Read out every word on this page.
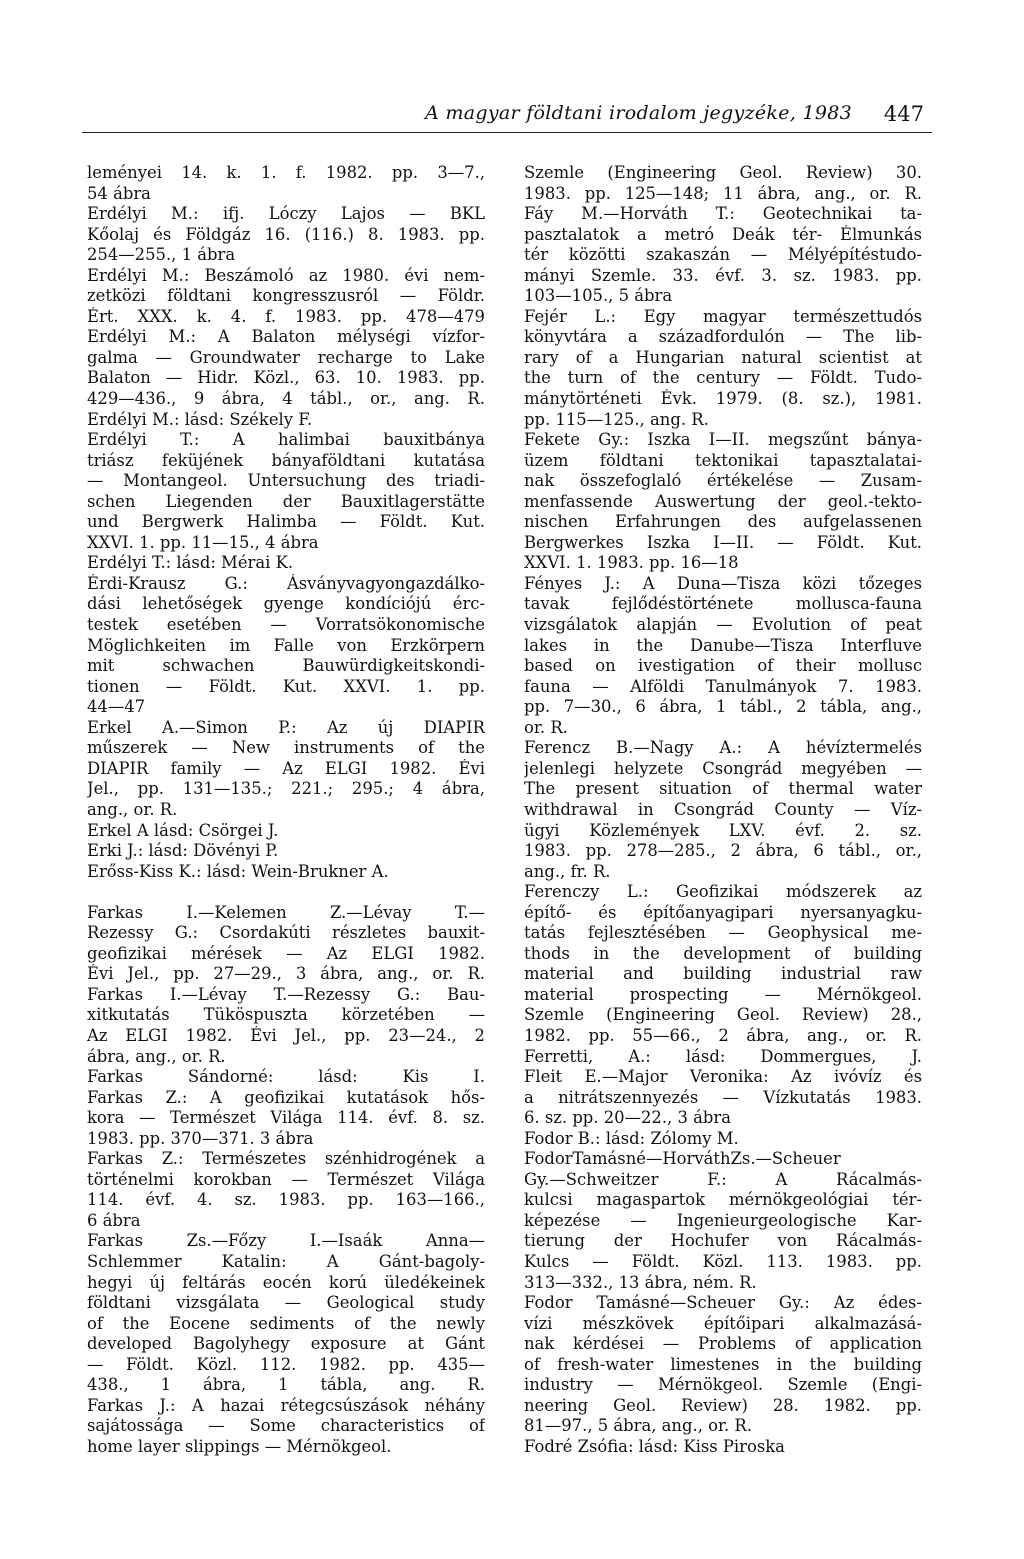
A magyar földtani irodalom jegyzéke, 1983 447
leményei 14. k. 1. f. 1982. pp. 3—7.,
54 ábra
Erdélyi M.: ifj. Lóczy Lajos — BKL
Kőolaj és Földgáz 16. (116.) 8. 1983. pp.
254—255., 1 ábra
Erdélyi M.: Beszámoló az 1980. évi nem-
zetközi földtani kongresszusról — Földr.
Ért. XXX. k. 4. f. 1983. pp. 478—479
Erdélyi M.: A Balaton mélységi vízfor-
galma — Groundwater recharge to Lake
Balaton — Hidr. Közl., 63. 10. 1983. pp.
429—436., 9 ábra, 4 tábl., or., ang. R.
Erdélyi M.: lásd: Székely F.
Erdélyi T.: A halimbai bauxitbánya
triász feküjének bányaföldtani kutatása
— Montangeol. Untersuchung des triadi-
schen Liegenden der Bauxitlagerstätte
und Bergwerk Halimba — Földt. Kut.
XXVI. 1. pp. 11—15., 4 ábra
Erdélyi T.: lásd: Mérai K.
Érdi-Krausz G.: Ásványvagyongazdálko-
dási lehetőségek gyenge kondíciójú érc-
testek esetében — Vorratsökonomische
Möglichkeiten im Falle von Erzkörpern
mit schwachen Bauwürdigkeitskondi-
tionen — Földt. Kut. XXVI. 1. pp.
44—47
Erkel A.—Simon P.: Az új DIAPIR
műszerek — New instruments of the
DIAPIR family — Az ELGI 1982. Évi
Jel., pp. 131—135.; 221.; 295.; 4 ábra,
ang., or. R.
Erkel A lásd: Csörgei J.
Erki J.: lásd: Dövényi P.
Erőss-Kiss K.: lásd: Wein-Brukner A.
Farkas I.—Kelemen Z.—Lévay T.—
Rezessy G.: Csordakúti részletes bauxit-
geofizikai mérések — Az ELGI 1982.
Évi Jel., pp. 27—29., 3 ábra, ang., or. R.
Farkas I.—Lévay T.—Rezessy G.: Bau-
xitkutatás Tüköspuszta körzetében —
Az ELGI 1982. Évi Jel., pp. 23—24., 2
ábra, ang., or. R.
Farkas Sándorné: lásd: Kis I.
Farkas Z.: A geofizikai kutatások hős-
kora — Természet Világa 114. évf. 8. sz.
1983. pp. 370—371. 3 ábra
Farkas Z.: Természetes szénhidrogének a
történelmi korokban — Természet Világa
114. évf. 4. sz. 1983. pp. 163—166.,
6 ábra
Farkas Zs.—Főzy I.—Isaák Anna—
Schlemmer Katalin: A Gánt-bagoly-
hegyi új feltárás eocén korú üledékeinek
földtani vizsgálata — Geological study
of the Eocene sediments of the newly
developed Bagolyhegy exposure at Gánt
— Földt. Közl. 112. 1982. pp. 435—
438., 1 ábra, 1 tábla, ang. R.
Farkas J.: A hazai rétegcsúszások néhány
sajátossága — Some characteristics of
home layer slippings — Mérnökgeol.
Szemle (Engineering Geol. Review) 30.
1983. pp. 125—148; 11 ábra, ang., or. R.
Fáy M.—Horváth T.: Geotechnikai ta-
pasztalatok a metró Deák tér- Élmunkás
tér közötti szakaszán — Mélyépítéstudo-
mányi Szemle. 33. évf. 3. sz. 1983. pp.
103—105., 5 ábra
Fejér L.: Egy magyar természettudós
könyvtára a századfordulón — The lib-
rary of a Hungarian natural scientist at
the turn of the century — Földt. Tudo-
mánytörténeti Évk. 1979. (8. sz.), 1981.
pp. 115—125., ang. R.
Fekete Gy.: Iszka I—II. megszűnt bánya-
üzem földtani tektonikai tapasztalatai-
nak összefoglaló értékelése — Zusam-
menfassende Auswertung der geol.-tekto-
nischen Erfahrungen des aufgelassenen
Bergwerkes Iszka I—II. — Földt. Kut.
XXVI. 1. 1983. pp. 16—18
Fényes J.: A Duna—Tisza közi tőzeges
tavak fejlődéstörténete mollusca-fauna
vizsgálatok alapján — Evolution of peat
lakes in the Danube—Tisza Interfluve
based on ivestigation of their mollusc
fauna — Alföldi Tanulmányok 7. 1983.
pp. 7—30., 6 ábra, 1 tábl., 2 tábla, ang.,
or. R.
Ferencz B.—Nagy A.: A hévíztermelés
jelenlegi helyzete Csongrád megyében —
The present situation of thermal water
withdrawal in Csongrád County — Víz-
ügyi Közlemények LXV. évf. 2. sz.
1983. pp. 278—285., 2 ábra, 6 tábl., or.,
ang., fr. R.
Ferenczy L.: Geofizikai módszerek az
építő- és építőanyagipari nyersanyagku-
tatás fejlesztésében — Geophysical me-
thods in the development of building
material and building industrial raw
material prospecting — Mérnökgeol.
Szemle (Engineering Geol. Review) 28.,
1982. pp. 55—66., 2 ábra, ang., or. R.
Ferretti, A.: lásd: Dommergues, J.
Fleit E.—Major Veronika: Az ivóvíz és
a nitrátszennyezés — Vízkutatás 1983.
6. sz. pp. 20—22., 3 ábra
Fodor B.: lásd: Zólomy M.
FodorTamásné—HorváthZs.—Scheuer
Gy.—Schweitzer F.: A Rácalmás-
kulcsi magaspartok mérnökgeológiai tér-
képezése — Ingenieurgeologische Kar-
tierung der Hochufer von Rácalmás-
Kulcs — Földt. Közl. 113. 1983. pp.
313—332., 13 ábra, ném. R.
Fodor Tamásné—Scheuer Gy.: Az édes-
vízi mészkövek építőipari alkalmazásá-
nak kérdései — Problems of application
of fresh-water limestenes in the building
industry — Mérnökgeol. Szemle (Engi-
neering Geol. Review) 28. 1982. pp.
81—97., 5 ábra, ang., or. R.
Fodré Zsófia: lásd: Kiss Piroska
